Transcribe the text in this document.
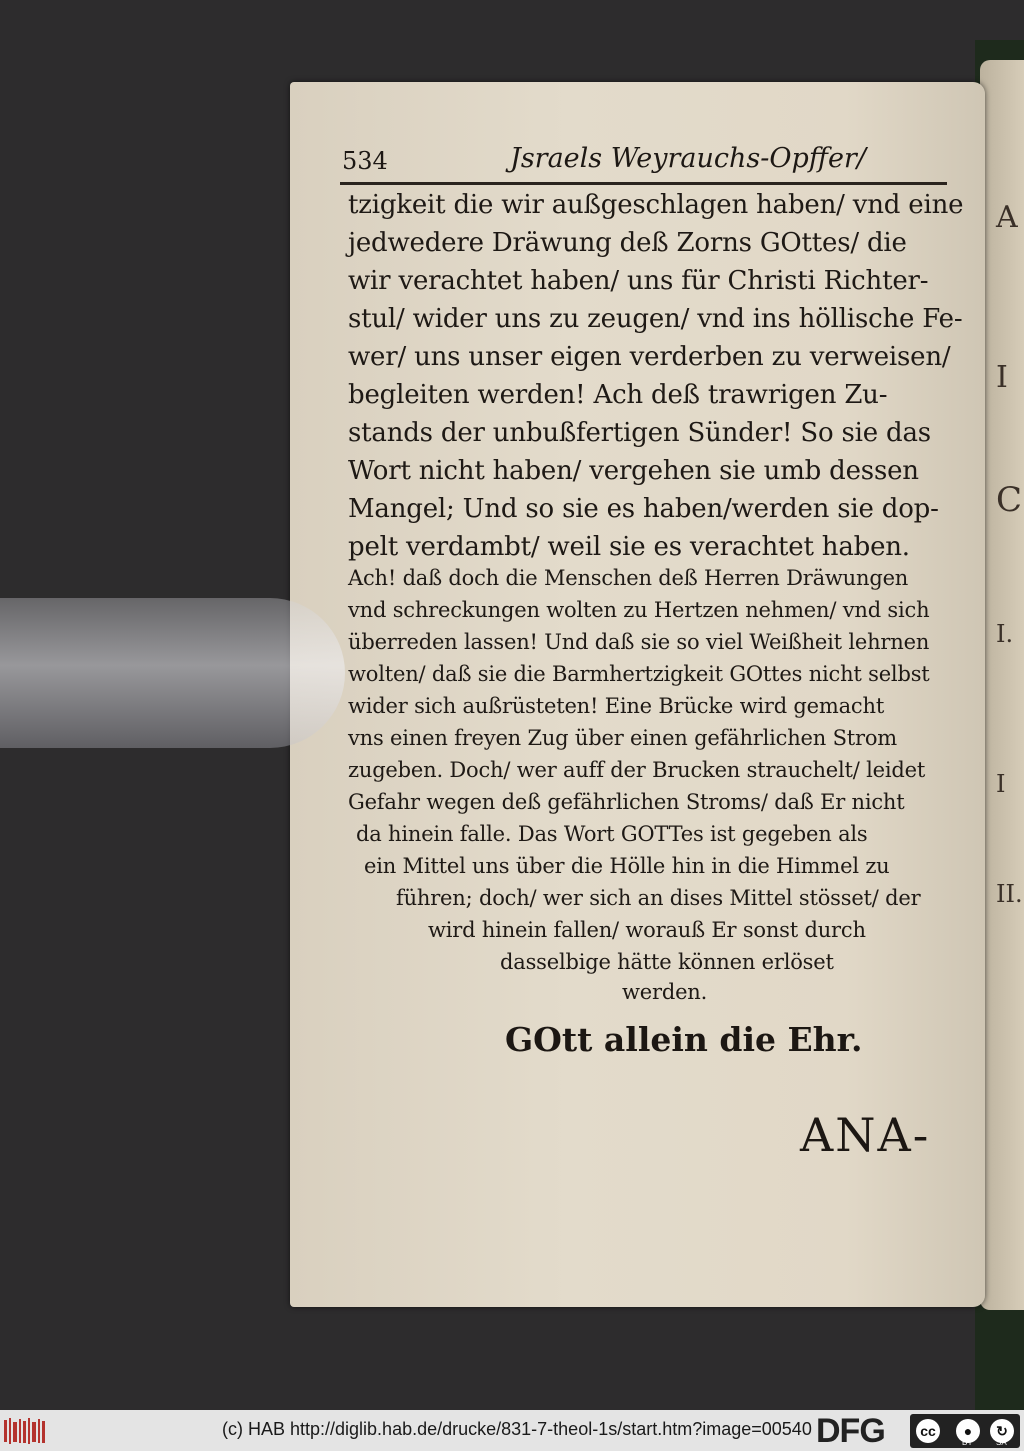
A
I
C
I.
I
II.
534	Jsraels Weyrauchs-Opffer/
tzigkeit die wir außgeschlagen haben/ vnd eine
jedwedere Dräwung deß Zorns GOttes/ die
wir verachtet haben/ uns für Christi Richter-
stul/ wider uns zu zeugen/ vnd ins höllische Fe-
wer/ uns unser eigen verderben zu verweisen/
begleiten werden! Ach deß trawrigen Zu-
stands der unbußfertigen Sünder! So sie das
Wort nicht haben/ vergehen sie umb dessen
Mangel; Und so sie es haben/werden sie dop-
pelt verdambt/ weil sie es verachtet haben.
Ach! daß doch die Menschen deß Herren Dräwungen
vnd schreckungen wolten zu Hertzen nehmen/ vnd sich
überreden lassen! Und daß sie so viel Weißheit lehrnen
wolten/ daß sie die Barmhertzigkeit GOttes nicht selbst
wider sich außrüsteten! Eine Brücke wird gemacht
vns einen freyen Zug über einen gefährlichen Strom
zugeben. Doch/ wer auff der Brucken strauchelt/ leidet
Gefahr wegen deß gefährlichen Stroms/ daß Er nicht
da hinein falle. Das Wort GOTTes ist gegeben als
ein Mittel uns über die Hölle hin in die Himmel zu
führen; doch/ wer sich an dises Mittel stösset/ der
wird hinein fallen/ worauß Er sonst durch
dasselbige hätte können erlöset
werden.
GOtt allein die Ehr.
ANA-
(c) HAB http://diglib.hab.de/drucke/831-7-theol-1s/start.htm?image=00540 DFG	cc	●	↻
BY	SA
